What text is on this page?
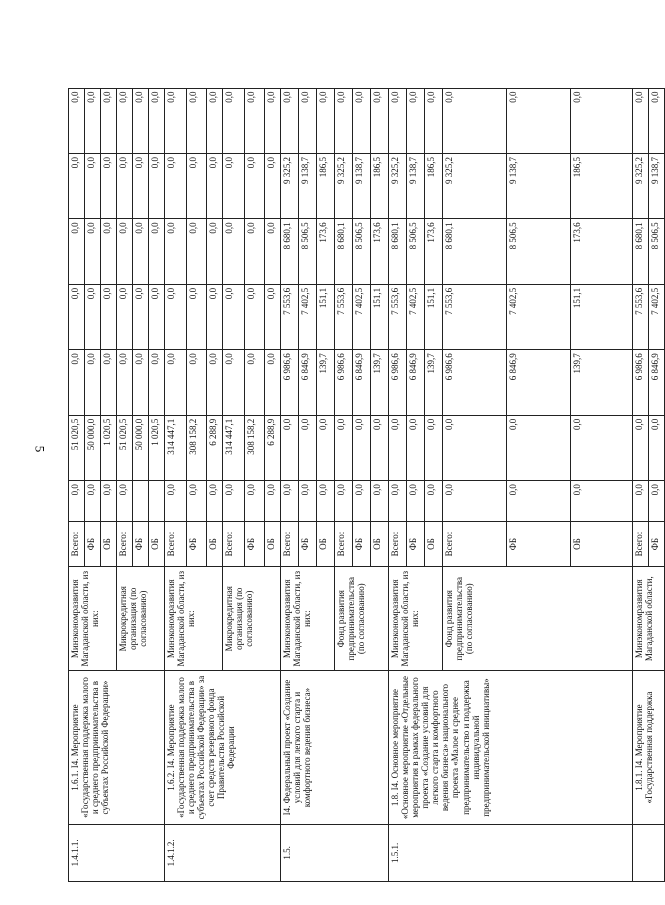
5
1.4.1.1.	1.6.1. I4. Мероприятие «Государственная поддержка малого и среднего предпринимательства в субъектах Российской Федерации»	Минэкономразвития Магаданской области, из них:	Всего:	0,0	51 020,5	0,0	0,0	0,0	0,0	0,0
			ФБ	0,0	50 000,0	0,0	0,0	0,0	0,0	0,0
			ОБ	0,0	1 020,5	0,0	0,0	0,0	0,0	0,0
		Микрокредитная организация (по согласованию)	Всего:	0,0	51 020,5	0,0	0,0	0,0	0,0	0,0
			ФБ		50 000,0	0,0	0,0	0,0	0,0	0,0
			ОБ		1 020,5	0,0	0,0	0,0	0,0	0,0
1.4.1.2.	1.6.2. I4. Мероприятие «Государственная поддержка малого и среднего предпринимательства в субъектах Российской Федерации» за счет средств резервного фонда Правительства Российской Федерации	Минэкономразвития Магаданской области, из них:	Всего:	0,0	314 447,1	0,0	0,0	0,0	0,0	0,0
			ФБ	0,0	308 158,2	0,0	0,0	0,0	0,0	0,0
			ОБ	0,0	6 288,9	0,0	0,0	0,0	0,0	0,0
		Микрокредитная организация (по согласованию)	Всего:	0,0	314 447,1	0,0	0,0	0,0	0,0	0,0
			ФБ	0,0	308 158,2	0,0	0,0	0,0	0,0	0,0
			ОБ	0,0	6 288,9	0,0	0,0	0,0	0,0	0,0
1.5.	I4. Федеральный проект «Создание условий для легкого старта и комфортного ведения бизнеса»	Минэкономразвития Магаданской области, из них:	Всего:	0,0	0,0	6 986,6	7 553,6	8 680,1	9 325,2	0,0
			ФБ	0,0	0,0	6 846,9	7 402,5	8 506,5	9 138,7	0,0
			ОБ	0,0	0,0	139,7	151,1	173,6	186,5	0,0
		Фонд развития предпринимательства (по согласованию)	Всего:	0,0	0,0	6 986,6	7 553,6	8 680,1	9 325,2	0,0
			ФБ	0,0	0,0	6 846,9	7 402,5	8 506,5	9 138,7	0,0
			ОБ	0,0	0,0	139,7	151,1	173,6	186,5	0,0
1.5.1.	1.8. I4. Основное мероприятие «Основное мероприятие «Отдельные мероприятия в рамках федерального проекта «Создание условий для легкого старта и комфортного ведения бизнеса» национального проекта «Малое и среднее предпринимательство и поддержка индивидуальной предпринимательской инициативы»	Минэкономразвития Магаданской области, из них:	Всего:	0,0	0,0	6 986,6	7 553,6	8 680,1	9 325,2	0,0
			ФБ	0,0	0,0	6 846,9	7 402,5	8 506,5	9 138,7	0,0
			ОБ	0,0	0,0	139,7	151,1	173,6	186,5	0,0
		Фонд развития предпринимательства (по согласованию)	Всего:	0,0	0,0	6 986,6	7 553,6	8 680,1	9 325,2	0,0
			ФБ	0,0	0,0	6 846,9	7 402,5	8 506,5	9 138,7	0,0
			ОБ	0,0	0,0	139,7	151,1	173,6	186,5	0,0
	1.8.1. I4. Мероприятие «Государственная поддержка	Минэкономразвития Магаданской области,	Всего:	0,0	0,0	6 986,6	7 553,6	8 680,1	9 325,2	0,0
			ФБ	0,0	0,0	6 846,9	7 402,5	8 506,5	9 138,7	0,0
